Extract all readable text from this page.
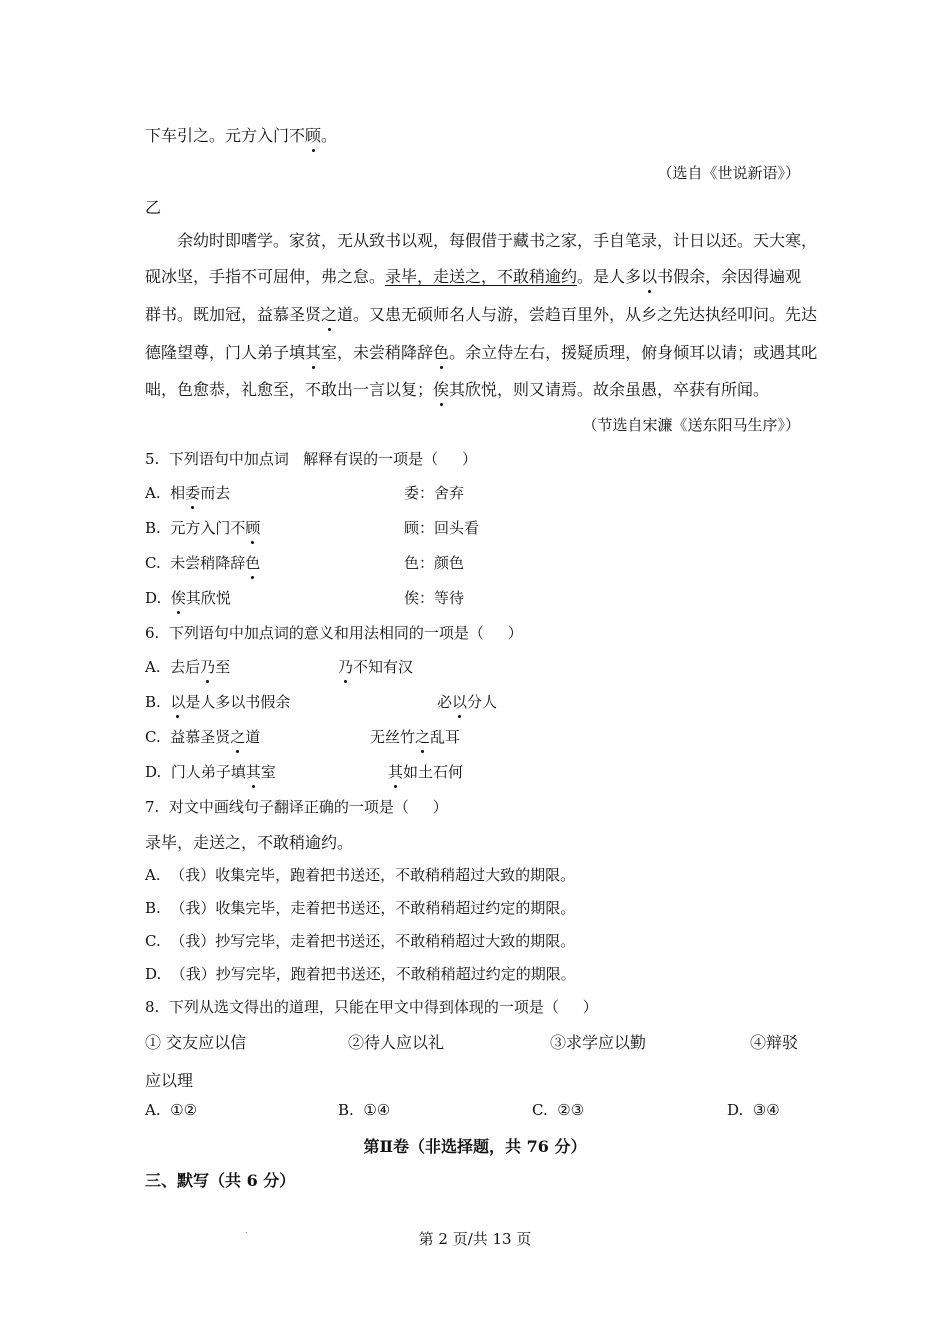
下车引之。元方入门不顾。
（选自《世说新语》）
乙
余幼时即嗜学。家贫，无从致书以观，每假借于藏书之家，手自笔录，计日以还。天大寒，
砚冰坚，手指不可屈伸，弗之怠。录毕，走送之，不敢稍逾约。是人多以书假余，余因得遍观
群书。既加冠，益慕圣贤之道。又患无硕师名人与游，尝趋百里外，从乡之先达执经叩问。先达
德隆望尊，门人弟子填其室，未尝稍降辞色。余立侍左右，援疑质理，俯身倾耳以请；或遇其叱
咄，色愈恭，礼愈至，不敢出一言以复；俟其欣悦，则又请焉。故余虽愚，卒获有所闻。
（节选自宋濂《送东阳马生序》）
5.  下列语句中加点词   解释有误的一项是（     ）
A. 相委而去	委：舍弃
B. 元方入门不顾	顾：回头看
C. 未尝稍降辞色	色：颜色
D. 俟其欣悦	俟：等待
6.  下列语句中加点词的意义和用法相同的一项是（     ）
A. 去后乃至	乃不知有汉
B. 以是人多以书假余	必以分人
C. 益慕圣贤之道	无丝竹之乱耳
D. 门人弟子填其室	其如土石何
7.  对文中画线句子翻译正确的一项是（     ）
录毕，走送之，不敢稍逾约。
A.  （我）收集完毕，跑着把书送还，不敢稍稍超过大致的期限。
B.  （我）收集完毕，走着把书送还，不敢稍稍超过约定的期限。
C.  （我）抄写完毕，走着把书送还，不敢稍稍超过大致的期限。
D.  （我）抄写完毕，跑着把书送还，不敢稍稍超过约定的期限。
8.  下列从选文得出的道理，只能在甲文中得到体现的一项是（     ）
① 交友应以信	②待人应以礼	③求学应以勤	④辩驳
应以理
A.  ①②	B.  ①④	C.  ②③	D.  ③④
第Ⅱ卷（非选择题，共 76 分）
三、默写（共 6 分）
.	第 2 页/共 13 页
